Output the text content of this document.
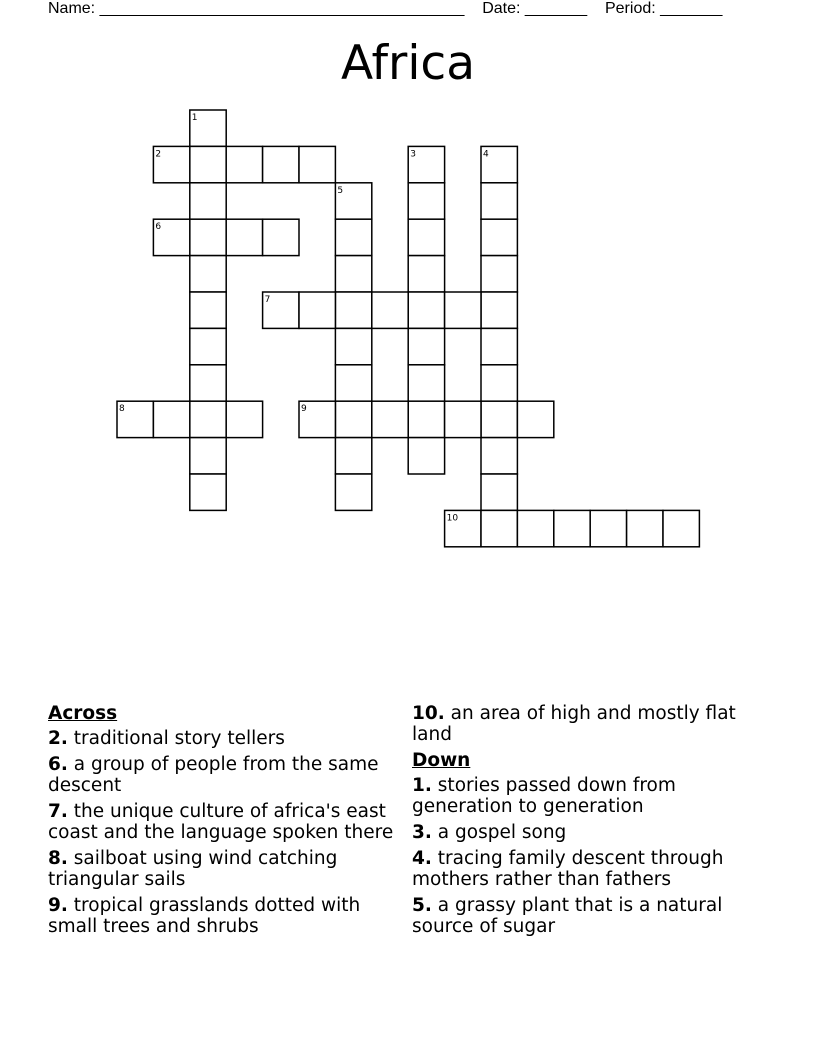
Name: _________________________________________ Date: _______ Period: _______
Africa
1
2	3	4
5
6
7
8	9
10
Across
2. traditional story tellers
6. a group of people from the same descent
7. the unique culture of africa's east coast and the language spoken there
8. sailboat using wind catching triangular sails
9. tropical grasslands dotted with small trees and shrubs
10. an area of high and mostly flat land
Down
1. stories passed down from generation to generation
3. a gospel song
4. tracing family descent through mothers rather than fathers
5. a grassy plant that is a natural source of sugar
